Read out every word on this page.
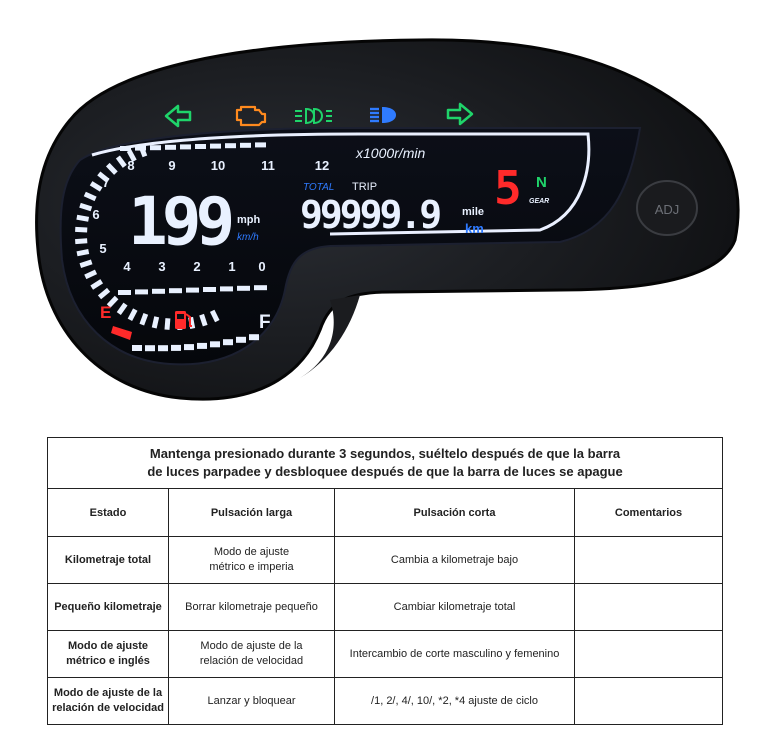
ADJ
0
1
2
3
4
5
6
7
8	9	10	11	12
x1000r/min
199 mph
km/h
TOTAL TRIP
99999.9 mile
km
5 N
GEAR
E	F
Mantenga presionado durante 3 segundos, suéltelo después de que la barra
de luces parpadee y desbloquee después de que la barra de luces se apague			
Estado	Pulsación larga	Pulsación corta	Comentarios
Kilometraje total	Modo de ajuste métrico e imperia	Cambia a kilometraje bajo	
Pequeño kilometraje	Borrar kilometraje pequeño	Cambiar kilometraje total	
Modo de ajuste métrico e inglés	Modo de ajuste de la relación de velocidad	Intercambio de corte masculino y femenino	
Modo de ajuste de la relación de velocidad	Lanzar y bloquear	/1, 2/, 4/, 10/, *2, *4 ajuste de ciclo	
